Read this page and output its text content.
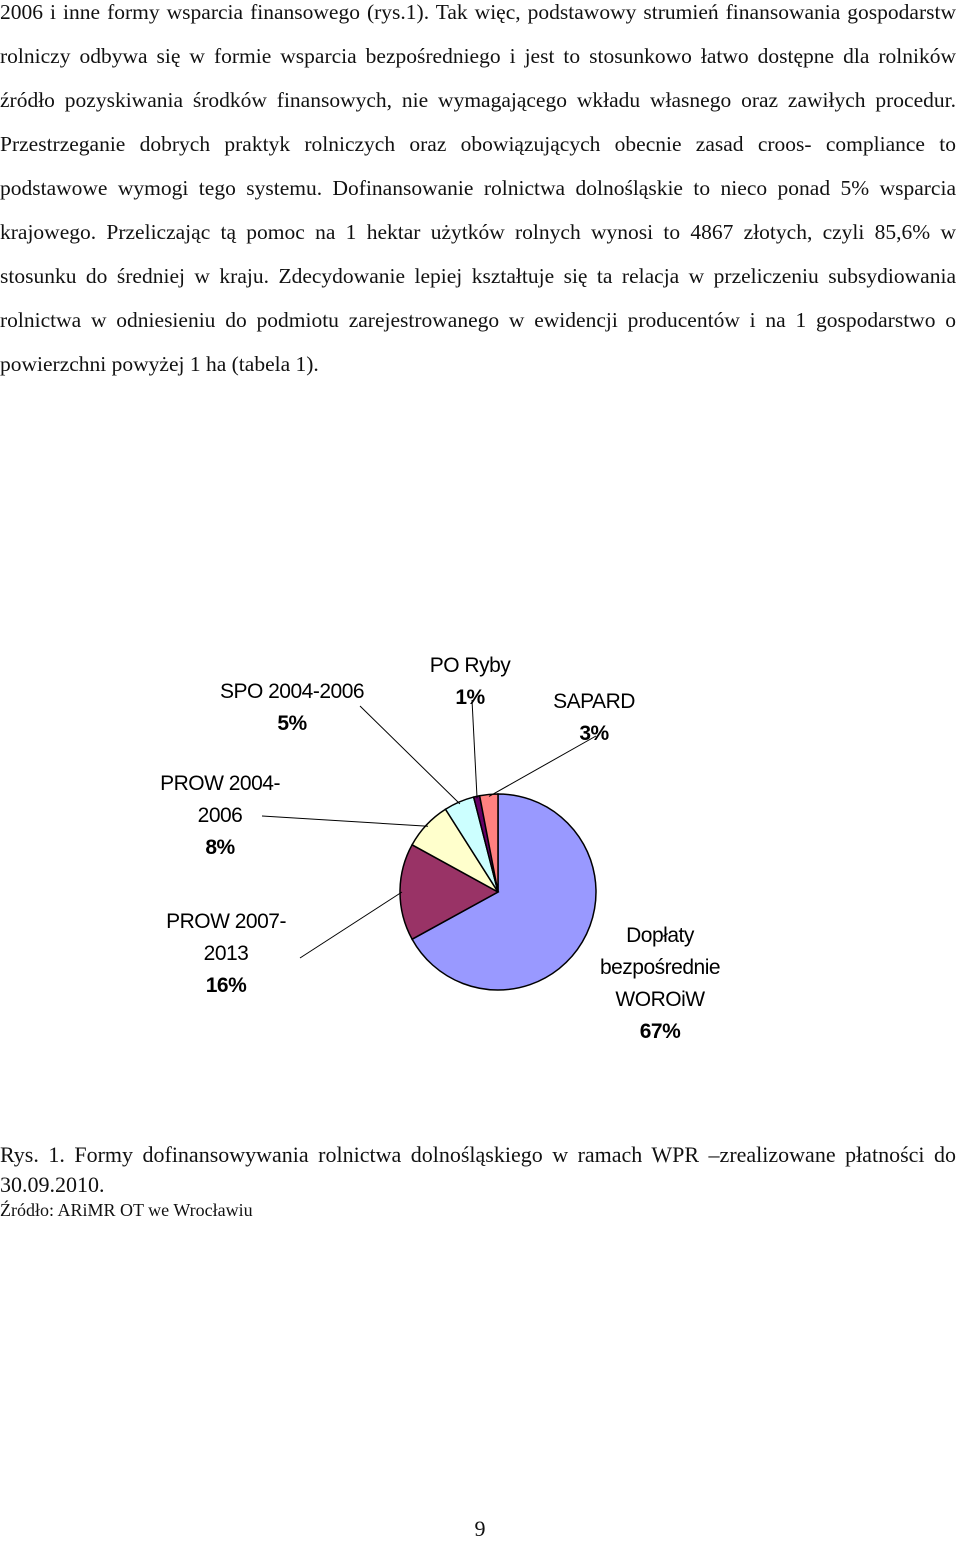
2006 i inne formy wsparcia finansowego (rys.1). Tak więc, podstawowy strumień finansowania gospodarstw rolniczy odbywa się w formie wsparcia bezpośredniego i jest to stosunkowo łatwo dostępne dla rolników źródło pozyskiwania środków finansowych, nie wymagającego wkładu własnego oraz zawiłych procedur. Przestrzeganie dobrych praktyk rolniczych oraz obowiązujących obecnie zasad croos- compliance to podstawowe wymogi tego systemu. Dofinansowanie rolnictwa dolnośląskie to nieco ponad 5% wsparcia krajowego. Przeliczając tą pomoc na 1 hektar użytków rolnych wynosi to 4867 złotych, czyli 85,6% w stosunku do średniej w kraju. Zdecydowanie lepiej kształtuje się ta relacja w przeliczeniu subsydiowania rolnictwa w odniesieniu do podmiotu zarejestrowanego w ewidencji producentów i na 1 gospodarstwo o powierzchni powyżej 1 ha (tabela 1).

Dopłaty
bezpośrednie
WOROiW
67%
PROW 2007-
2013
16%
PROW 2004-
2006
8%
SPO 2004-2006
5%
PO Ryby
1%	SAPARD
3%

Rys. 1. Formy dofinansowywania rolnictwa dolnośląskiego w ramach WPR –zrealizowane płatności do 30.09.2010.

Źródło: ARiMR OT we Wrocławiu

9
